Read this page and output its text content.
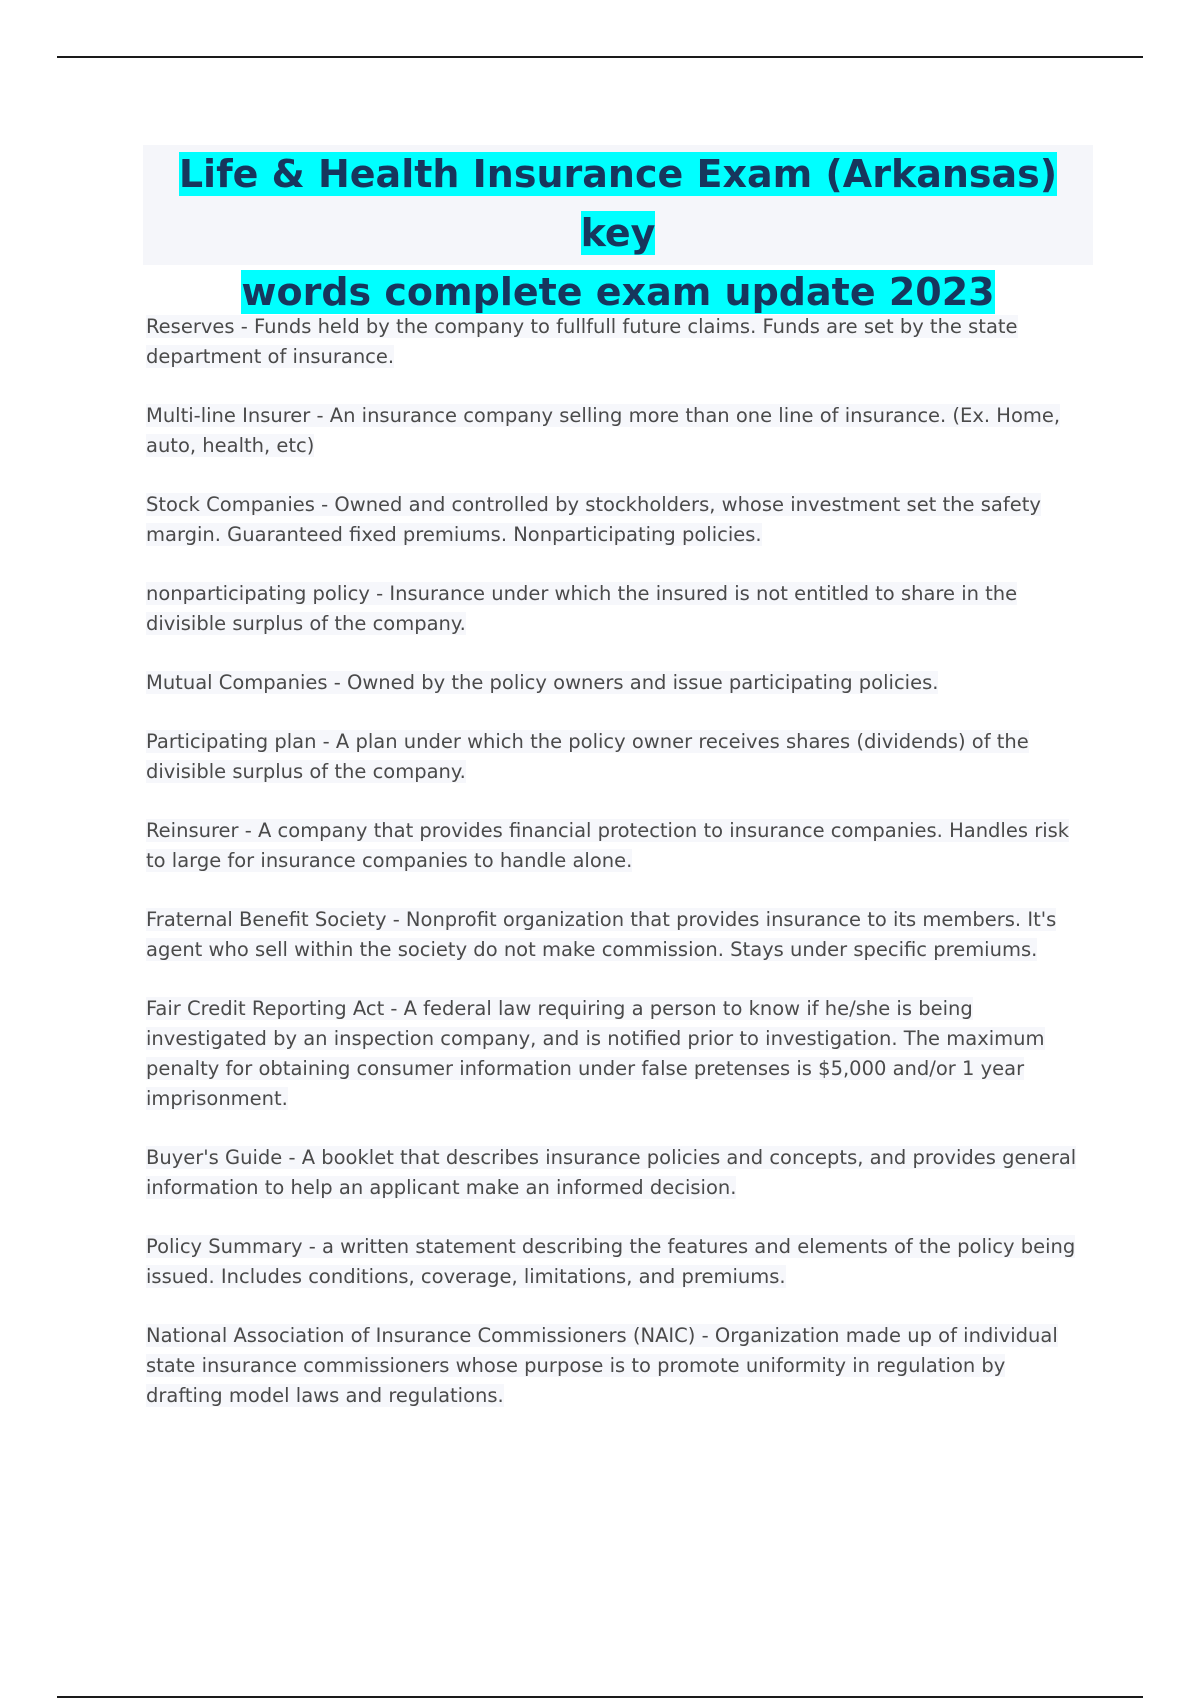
Life & Health Insurance Exam (Arkansas) key
words complete exam update 2023

Reserves - Funds held by the company to fullfull future claims. Funds are set by the state department of insurance.

Multi-line Insurer - An insurance company selling more than one line of insurance. (Ex. Home, auto, health, etc)

Stock Companies - Owned and controlled by stockholders, whose investment set the safety margin. Guaranteed fixed premiums. Nonparticipating policies.

nonparticipating policy - Insurance under which the insured is not entitled to share in the divisible surplus of the company.

Mutual Companies - Owned by the policy owners and issue participating policies.

Participating plan - A plan under which the policy owner receives shares (dividends) of the divisible surplus of the company.

Reinsurer - A company that provides financial protection to insurance companies. Handles risk to large for insurance companies to handle alone.

Fraternal Benefit Society - Nonprofit organization that provides insurance to its members. It's agent who sell within the society do not make commission. Stays under specific premiums.

Fair Credit Reporting Act - A federal law requiring a person to know if he/she is being investigated by an inspection company, and is notified prior to investigation. The maximum penalty for obtaining consumer information under false pretenses is $5,000 and/or 1 year imprisonment.

Buyer's Guide - A booklet that describes insurance policies and concepts, and provides general information to help an applicant make an informed decision.

Policy Summary - a written statement describing the features and elements of the policy being issued. Includes conditions, coverage, limitations, and premiums.

National Association of Insurance Commissioners (NAIC) - Organization made up of individual state insurance commissioners whose purpose is to promote uniformity in regulation by drafting model laws and regulations.
